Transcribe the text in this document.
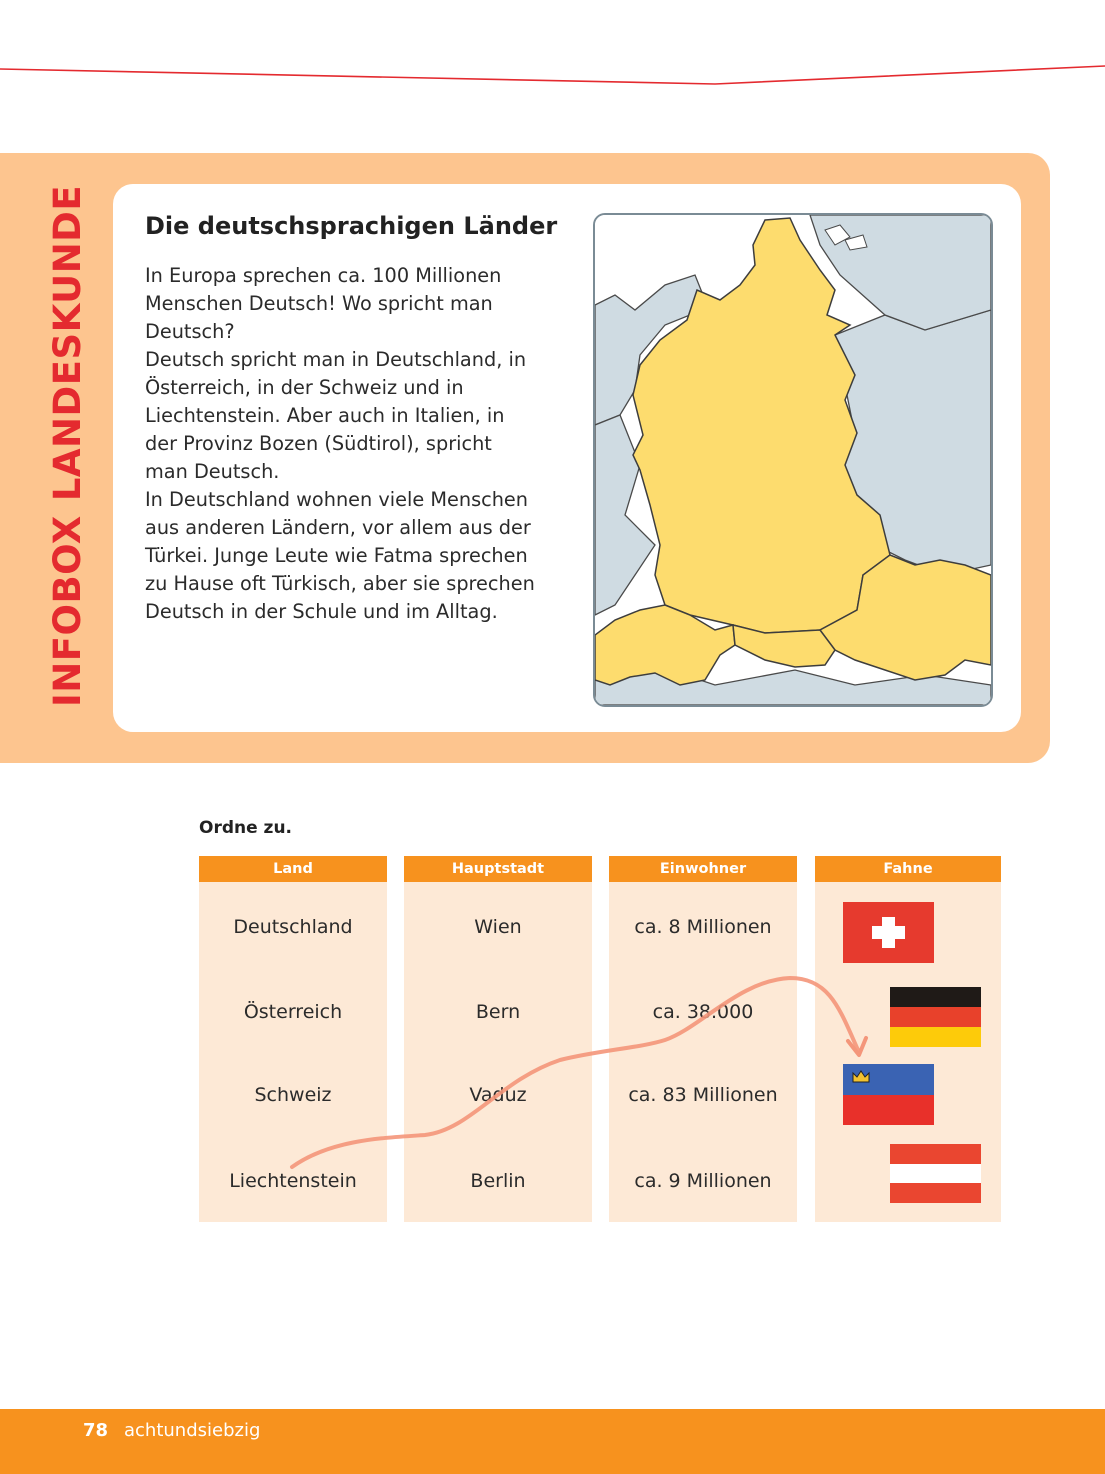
INFOBOXLANDESKUNDE Die deutschsprachigen Länder

In Europa sprechen ca. 100 Millionen Menschen Deutsch! Wo spricht man Deutsch?

Deutsch spricht man in Deutschland, in Österreich, in der Schweiz und in Liechtenstein. Aber auch in Italien, in der Provinz Bozen (Südtirol), spricht man Deutsch.

In Deutschland wohnen viele Menschen aus anderen Ländern, vor allem aus der Türkei. Junge Leute wie Fatma sprechen zu Hause oft Türkisch, aber sie sprechen Deutsch in der Schule und im Alltag.

Ordne zu.
Land
Deutschland
Österreich
Schweiz
Liechtenstein
Hauptstadt
Wien
Bern
Vaduz
Berlin
Einwohner
ca. 8 Millionen
ca. 38.000
ca. 83 Millionen
ca. 9 Millionen
Fahne
78 achtundsiebzig
